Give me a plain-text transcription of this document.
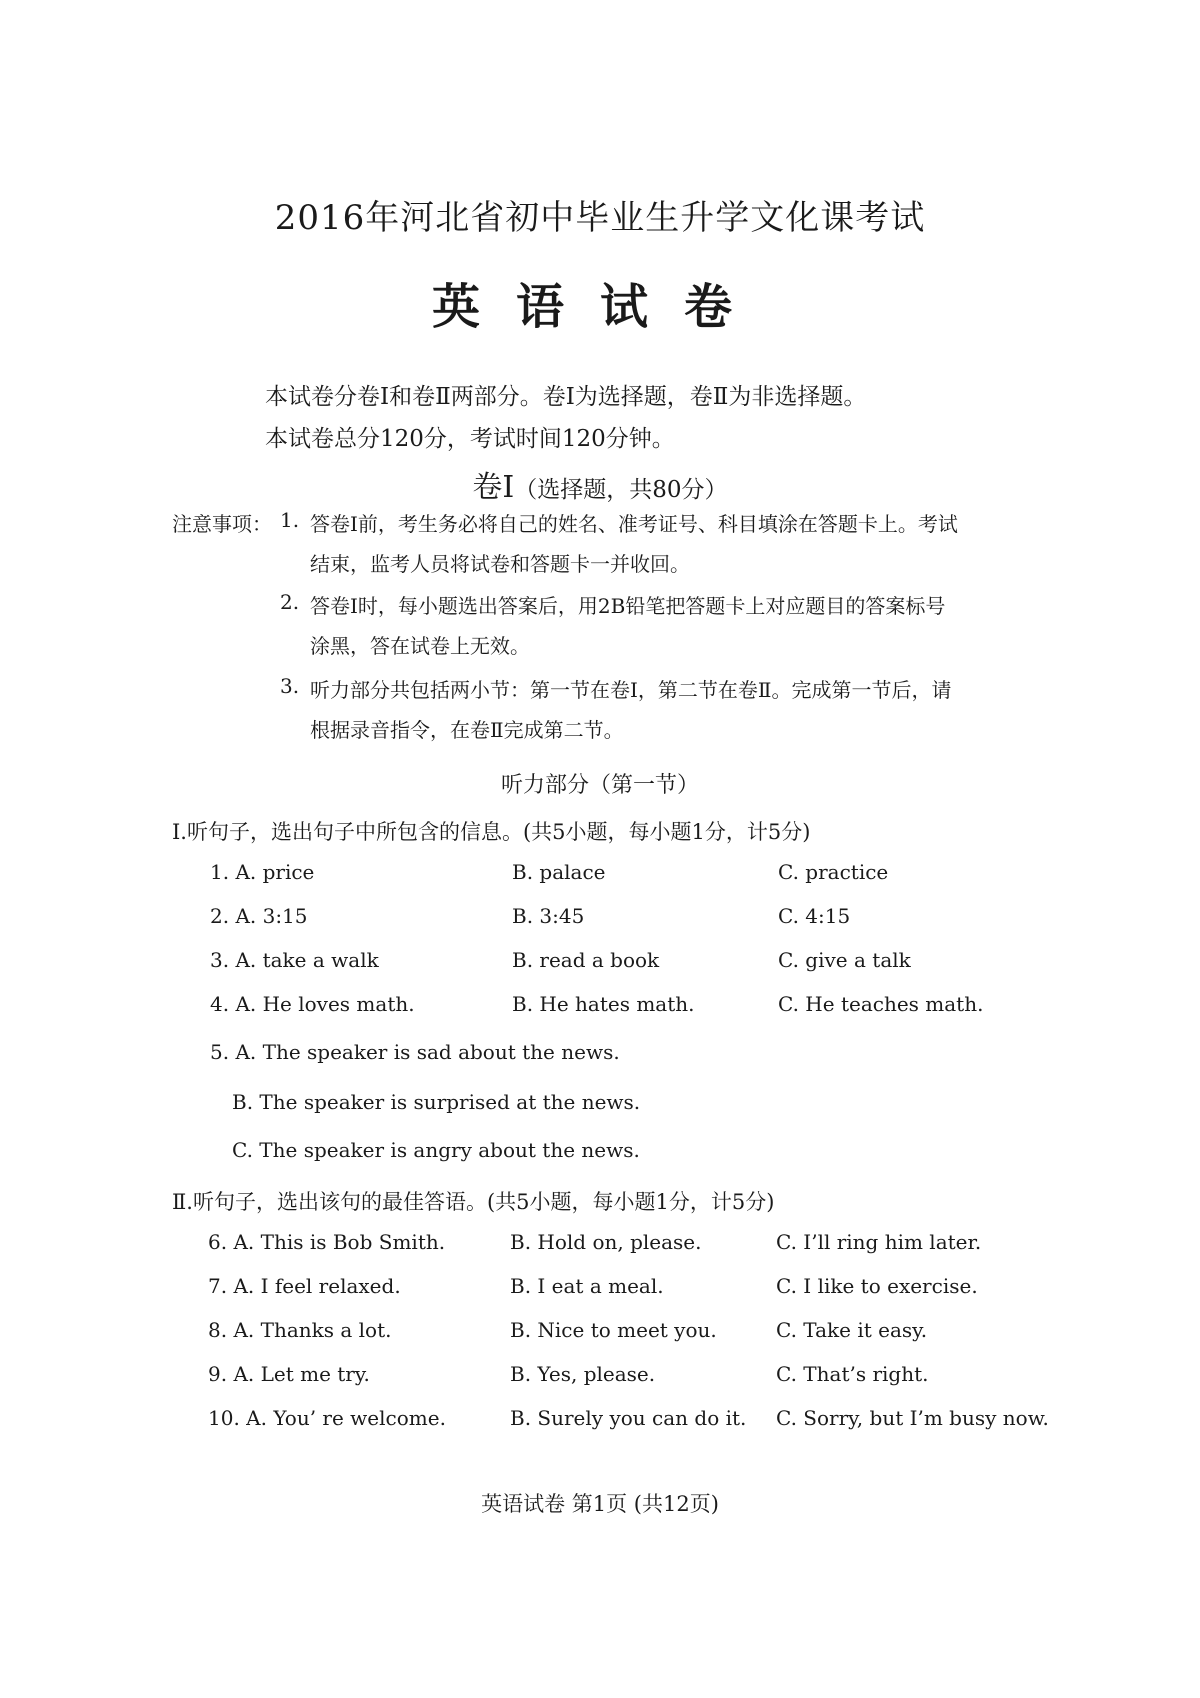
2016年河北省初中毕业生升学文化课考试
英语试卷
本试卷分卷Ⅰ和卷Ⅱ两部分。卷Ⅰ为选择题，卷Ⅱ为非选择题。
本试卷总分120分，考试时间120分钟。
卷Ⅰ（选择题，共80分）
注意事项： 1. 答卷Ⅰ前，考生务必将自己的姓名、准考证号、科目填涂在答题卡上。考试
结束，监考人员将试卷和答题卡一并收回。
2. 答卷Ⅰ时，每小题选出答案后，用2B铅笔把答题卡上对应题目的答案标号
涂黑，答在试卷上无效。
3. 听力部分共包括两小节：第一节在卷Ⅰ，第二节在卷Ⅱ。完成第一节后，请
根据录音指令，在卷Ⅱ完成第二节。
听力部分（第一节）
Ⅰ.听句子，选出句子中所包含的信息。(共5小题，每小题1分，计5分)
1. A. price	B. palace	C. practice
2. A. 3:15	B. 3:45	C. 4:15
3. A. take a walk	B. read a book	C. give a talk
4. A. He loves math.	B. He hates math.	C. He teaches math.
5. A. The speaker is sad about the news.
B. The speaker is surprised at the news.
C. The speaker is angry about the news.
Ⅱ.听句子，选出该句的最佳答语。(共5小题，每小题1分，计5分)
6. A. This is Bob Smith.	B. Hold on, please.	C. I’ll ring him later.
7. A. I feel relaxed.	B. I eat a meal.	C. I like to exercise.
8. A. Thanks a lot.	B. Nice to meet you.	C. Take it easy.
9. A. Let me try.	B. Yes, please.	C. That’s right.
10. A. You’ re welcome.	B. Surely you can do it. C. Sorry, but I’m busy now.
英语试卷 第1页 (共12页)
